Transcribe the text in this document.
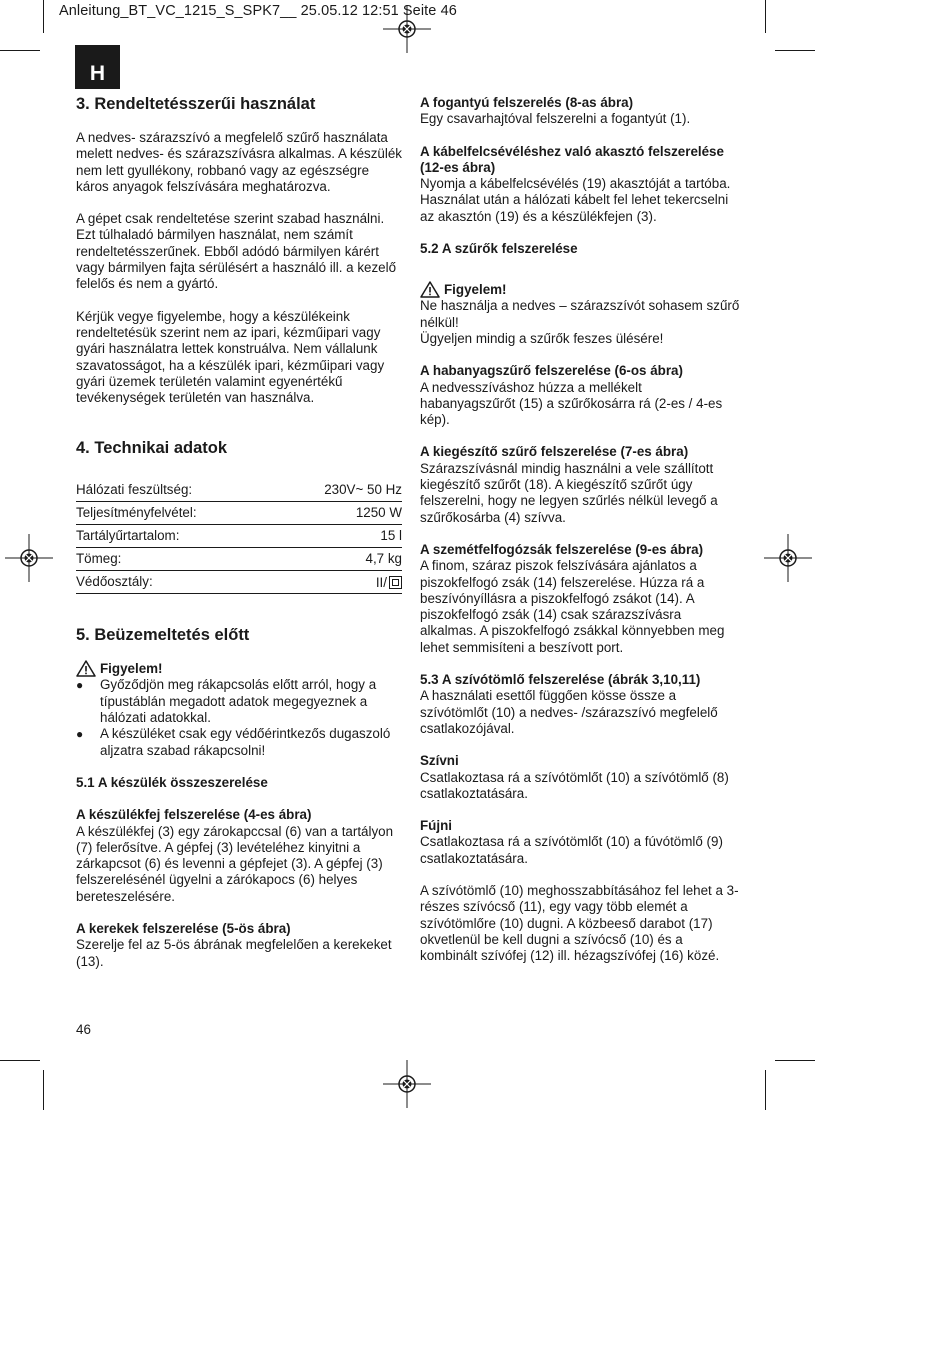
Anleitung_BT_VC_1215_S_SPK7__ 25.05.12 12:51 Seite 46
H
3. Rendeltetésszerűi használat

A nedves- szárazszívó a megfelelő szűrő használata melett nedves- és szárazszívásra alkalmas. A készülék nem lett gyullékony, robbanó vagy az egészségre káros anyagok felszívására meghatározva.

A gépet csak rendeltetése szerint szabad használni. Ezt túlhaladó bármilyen használat, nem számít rendeltetésszerűnek. Ebből adódó bármilyen kárért vagy bármilyen fajta sérülésért a használó ill. a kezelő felelős és nem a gyártó.

Kérjük vegye figyelembe, hogy a készülékeink rendeltetésük szerint nem az ipari, kézműipari vagy gyári használatra lettek konstruálva. Nem vállalunk szavatosságot, ha a készülék ipari, kézműipari vagy gyári üzemek területén valamint egyenértékű tevékenységek területén van használva.

4. Technikai adatok
Hálózati feszültség:	230V~ 50 Hz
Teljesítményfelvétel:	1250 W
Tartályűrtartalom:	15 l
Tömeg:	4,7 kg
Védőosztály:	II/
5. Beüzemeltetés előtt
Figyelem!
●	Győződjön meg rákapcsolás előtt arról, hogy a típustáblán megadott adatok megegyeznek a hálózati adatokkal.
●	A készüléket csak egy védőérintkezős dugaszoló aljzatra szabad rákapcsolni!

5.1 A készülék összeszerelése

A készülékfej felszerelése (4-es ábra)

A készülékfej (3) egy zárokapccsal (6) van a tartályon (7) felerősítve. A gépfej (3) levételéhez kinyitni a zárkapcsot (6) és levenni a gépfejet (3). A gépfej (3) felszerelésénél ügyelni a zárókapocs (6) helyes bereteszelésére.

A kerekek felszerelése (5-ös ábra)

Szerelje fel az 5-ös ábrának megfelelően a kerekeket (13).

A fogantyú felszerelés (8-as ábra)

Egy csavarhajtóval felszerelni a fogantyút (1).

A kábelfelcsévéléshez való akasztó felszerelése (12-es ábra)

Nyomja a kábelfelcsévélés (19) akasztóját a tartóba. Használat után a hálózati kábelt fel lehet tekercselni az akasztón (19) és a készülékfejen (3).

5.2 A szűrők felszerelése

Figyelem!

Ne használja a nedves – szárazszívót sohasem szűrő nélkül!

Ügyeljen mindig a szűrők feszes ülésére!

A habanyagszűrő felszerelése (6-os ábra)

A nedvesszíváshoz húzza a mellékelt habanyagszűrőt (15) a szűrőkosárra rá (2-es / 4-es kép).

A kiegészítő szűrő felszerelése (7-es ábra)

Szárazszívásnál mindig használni a vele szállított kiegészítő szűrőt (18). A kiegészítő szűrőt úgy felszerelni, hogy ne legyen szűrlés nélkül levegő a szűrőkosárba (4) szívva.

A szemétfelfogózsák felszerelése (9-es ábra)

A finom, száraz piszok felszívására ajánlatos a piszokfelfogó zsák (14) felszerelése. Húzza rá a beszívónyíllásra a piszokfelfogó zsákot (14). A piszokfelfogó zsák (14) csak szárazszívásra alkalmas. A piszokfelfogó zsákkal könnyebben meg lehet semmisíteni a beszívott port.

5.3 A szívótömlő felszerelése (ábrák 3,10,11)

A használati esettől függően kösse össze a szívótömlőt (10) a nedves- /szárazszívó megfelelő csatlakozójával.

Szívni

Csatlakoztasa rá a szívótömlőt (10) a szívótömlő (8) csatlakoztatására.

Fújni

Csatlakoztasa rá a szívótömlőt (10) a fúvótömlő (9) csatlakoztatására.

A szívótömlő (10) meghosszabbításához fel lehet a 3-részes szívócső (11), egy vagy több elemét a szívótömlőre (10) dugni. A közbeeső darabot (17) okvetlenül be kell dugni a szívócső (10) és a kombinált szívófej (12) ill. hézagszívófej (16) közé.

46
